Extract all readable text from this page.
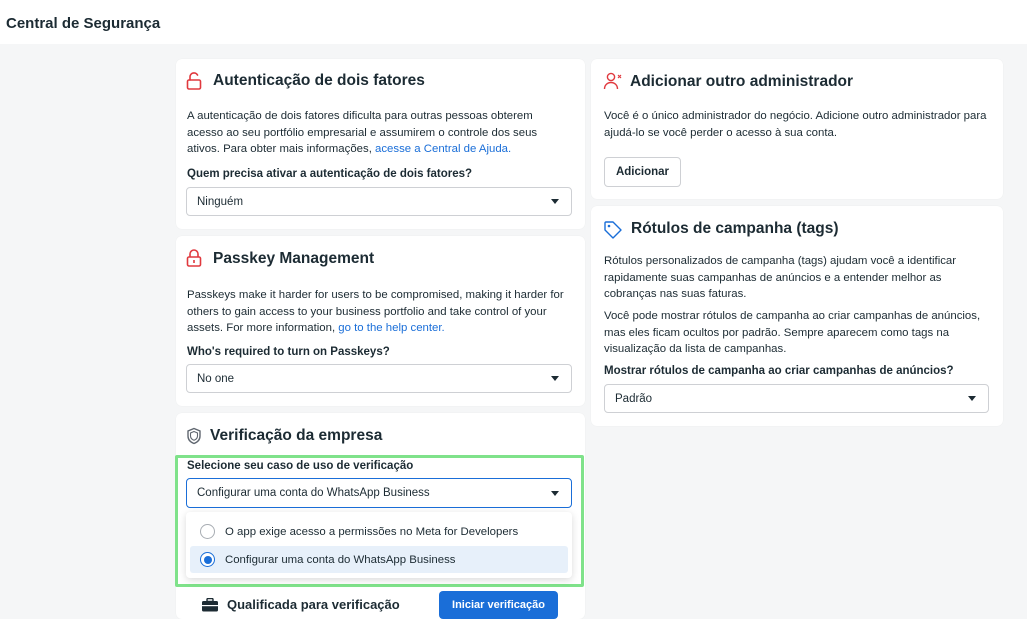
Central de Segurança
Autenticação de dois fatores
A autenticação de dois fatores dificulta para outras pessoas obterem acesso ao seu portfólio empresarial e assumirem o controle dos seus ativos. Para obter mais informações, acesse a Central de Ajuda.
Quem precisa ativar a autenticação de dois fatores?
Ninguém
Passkey Management
Passkeys make it harder for users to be compromised, making it harder for others to gain access to your business portfolio and take control of your assets. For more information, go to the help center.
Who's required to turn on Passkeys?
No one
Verificação da empresa
Selecione seu caso de uso de verificação
Configurar uma conta do WhatsApp Business
Qualificada para verificação	Iniciar verificação
O app exige acesso a permissões no Meta for Developers
Configurar uma conta do WhatsApp Business
Adicionar outro administrador
Você é o único administrador do negócio. Adicione outro administrador para ajudá-lo se você perder o acesso à sua conta.
Adicionar
Rótulos de campanha (tags)
Rótulos personalizados de campanha (tags) ajudam você a identificar rapidamente suas campanhas de anúncios e a entender melhor as cobranças nas suas faturas.
Você pode mostrar rótulos de campanha ao criar campanhas de anúncios, mas eles ficam ocultos por padrão. Sempre aparecem como tags na visualização da lista de campanhas.
Mostrar rótulos de campanha ao criar campanhas de anúncios?
Padrão
